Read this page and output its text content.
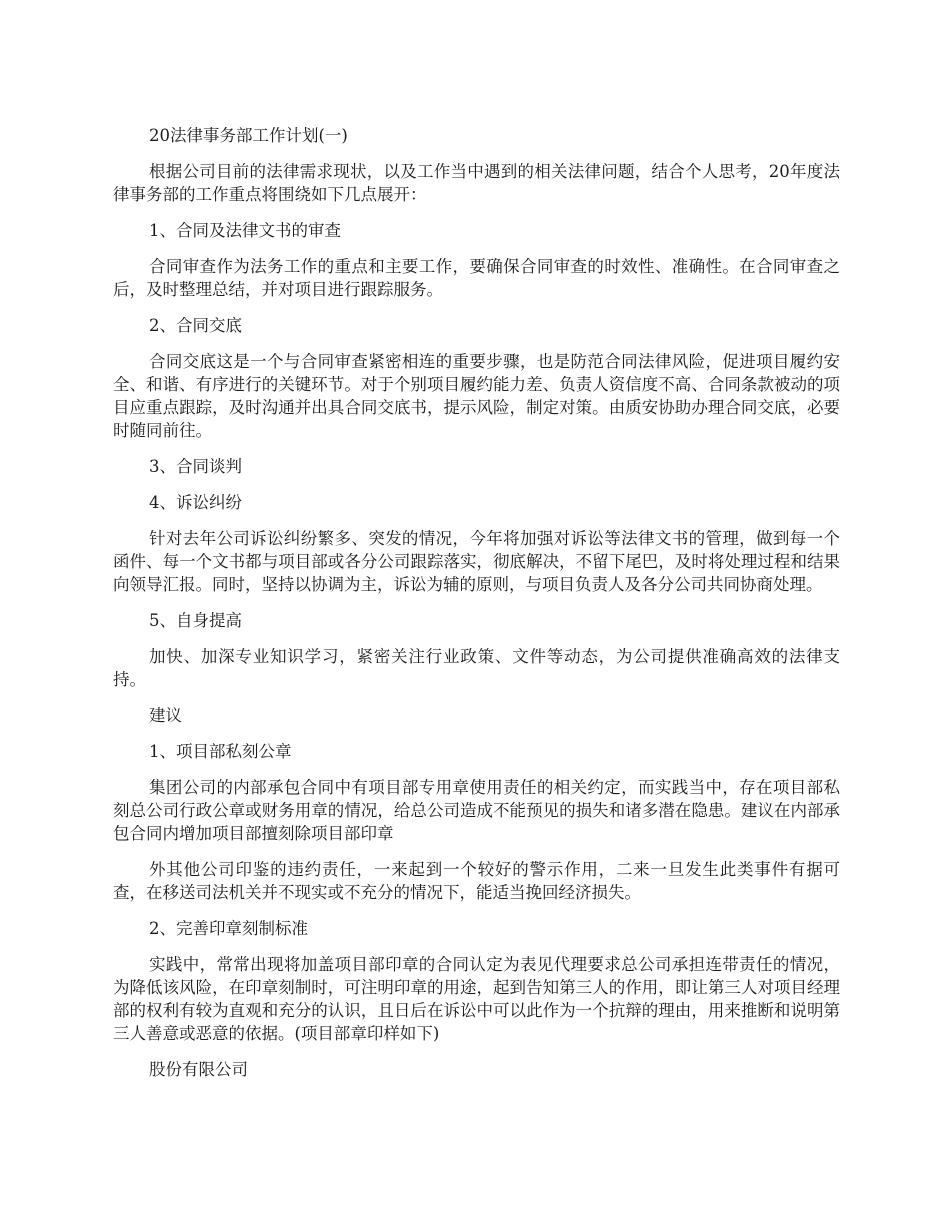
20法律事务部工作计划(一)

根据公司目前的法律需求现状，以及工作当中遇到的相关法律问题，结合个人思考，20年度法律事务部的工作重点将围绕如下几点展开：

1、合同及法律文书的审查

合同审查作为法务工作的重点和主要工作，要确保合同审查的时效性、准确性。在合同审查之后，及时整理总结，并对项目进行跟踪服务。

2、合同交底

合同交底这是一个与合同审查紧密相连的重要步骤，也是防范合同法律风险，促进项目履约安全、和谐、有序进行的关键环节。对于个别项目履约能力差、负责人资信度不高、合同条款被动的项目应重点跟踪，及时沟通并出具合同交底书，提示风险，制定对策。由质安协助办理合同交底，必要时随同前往。

3、合同谈判

4、诉讼纠纷

针对去年公司诉讼纠纷繁多、突发的情况，今年将加强对诉讼等法律文书的管理，做到每一个函件、每一个文书都与项目部或各分公司跟踪落实，彻底解决，不留下尾巴，及时将处理过程和结果向领导汇报。同时，坚持以协调为主，诉讼为辅的原则，与项目负责人及各分公司共同协商处理。

5、自身提高

加快、加深专业知识学习，紧密关注行业政策、文件等动态，为公司提供准确高效的法律支持。

建议

1、项目部私刻公章

集团公司的内部承包合同中有项目部专用章使用责任的相关约定，而实践当中，存在项目部私刻总公司行政公章或财务用章的情况，给总公司造成不能预见的损失和诸多潜在隐患。建议在内部承包合同内增加项目部擅刻除项目部印章

外其他公司印鉴的违约责任，一来起到一个较好的警示作用，二来一旦发生此类事件有据可查，在移送司法机关并不现实或不充分的情况下，能适当挽回经济损失。

2、完善印章刻制标准

实践中，常常出现将加盖项目部印章的合同认定为表见代理要求总公司承担连带责任的情况，为降低该风险，在印章刻制时，可注明印章的用途，起到告知第三人的作用，即让第三人对项目经理部的权利有较为直观和充分的认识，且日后在诉讼中可以此作为一个抗辩的理由，用来推断和说明第三人善意或恶意的依据。(项目部章印样如下)

股份有限公司
